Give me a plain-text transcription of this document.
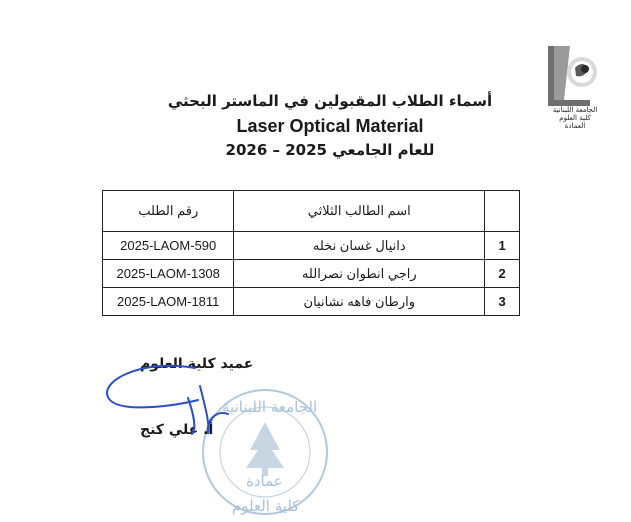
الجامعة اللبنانية
كلية العلوم
العمادة
أسماء الطلاب المقبولين في الماستر البحثي
Laser Optical Material
للعام الجامعي 2025 – 2026
رقم الطلب	اسم الطالب الثلاثي	
2025-LAOM-590	دانيال غسان نخله	1
2025-LAOM-1308	راجي انطوان نصرالله	2
2025-LAOM-1811	وارطان فاهه نشانيان	3
الجامعة اللبنانية
عمادة
كلية العلوم
عميد كلية العلوم
أ. علي كنج
